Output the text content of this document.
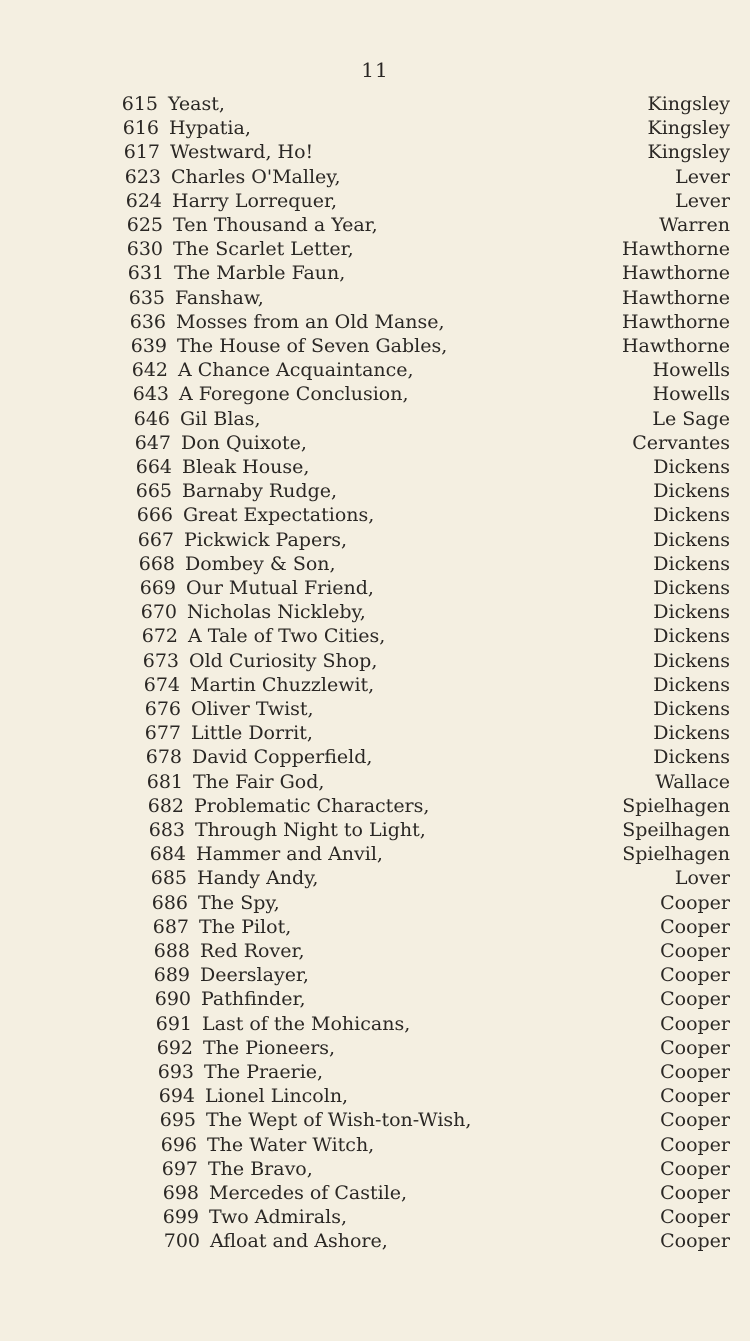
11
615 Yeast,	Kingsley
616 Hypatia,	Kingsley
617 Westward, Ho!	Kingsley
623 Charles O'Malley,	Lever
624 Harry Lorrequer,	Lever
625 Ten Thousand a Year,	Warren
630 The Scarlet Letter,	Hawthorne
631 The Marble Faun,	Hawthorne
635 Fanshaw,	Hawthorne
636 Mosses from an Old Manse,	Hawthorne
639 The House of Seven Gables,	Hawthorne
642 A Chance Acquaintance,	Howells
643 A Foregone Conclusion,	Howells
646 Gil Blas,	Le Sage
647 Don Quixote,	Cervantes
664 Bleak House,	Dickens
665 Barnaby Rudge,	Dickens
666 Great Expectations,	Dickens
667 Pickwick Papers,	Dickens
668 Dombey & Son,	Dickens
669 Our Mutual Friend,	Dickens
670 Nicholas Nickleby,	Dickens
672 A Tale of Two Cities,	Dickens
673 Old Curiosity Shop,	Dickens
674 Martin Chuzzlewit,	Dickens
676 Oliver Twist,	Dickens
677 Little Dorrit,	Dickens
678 David Copperfield,	Dickens
681 The Fair God,	Wallace
682 Problematic Characters,	Spielhagen
683 Through Night to Light,	Speilhagen
684 Hammer and Anvil,	Spielhagen
685 Handy Andy,	Lover
686 The Spy,	Cooper
687 The Pilot,	Cooper
688 Red Rover,	Cooper
689 Deerslayer,	Cooper
690 Pathfinder,	Cooper
691 Last of the Mohicans,	Cooper
692 The Pioneers,	Cooper
693 The Praerie,	Cooper
694 Lionel Lincoln,	Cooper
695 The Wept of Wish-ton-Wish,	Cooper
696 The Water Witch,	Cooper
697 The Bravo,	Cooper
698 Mercedes of Castile,	Cooper
699 Two Admirals,	Cooper
700 Afloat and Ashore,	Cooper
